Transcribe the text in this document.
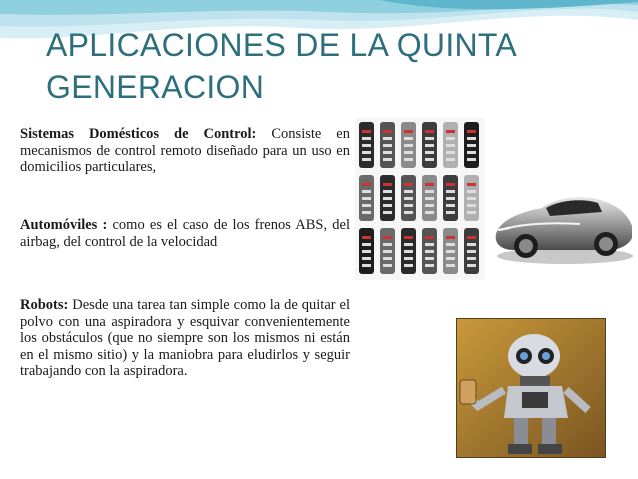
APLICACIONES DE LA QUINTA
GENERACION

Sistemas Domésticos de Control: Consiste en mecanismos de control remoto diseñado para un uso en domicilios particulares,

Automóviles : como es el caso de los frenos ABS, del airbag, del control de la velocidad

Robots: Desde una tarea tan simple como la de quitar el polvo con una aspiradora y esquivar convenientemente los obstáculos (que no siempre son los mismos ni están en el mismo sitio) y la maniobra para eludirlos y seguir trabajando con la aspiradora.
